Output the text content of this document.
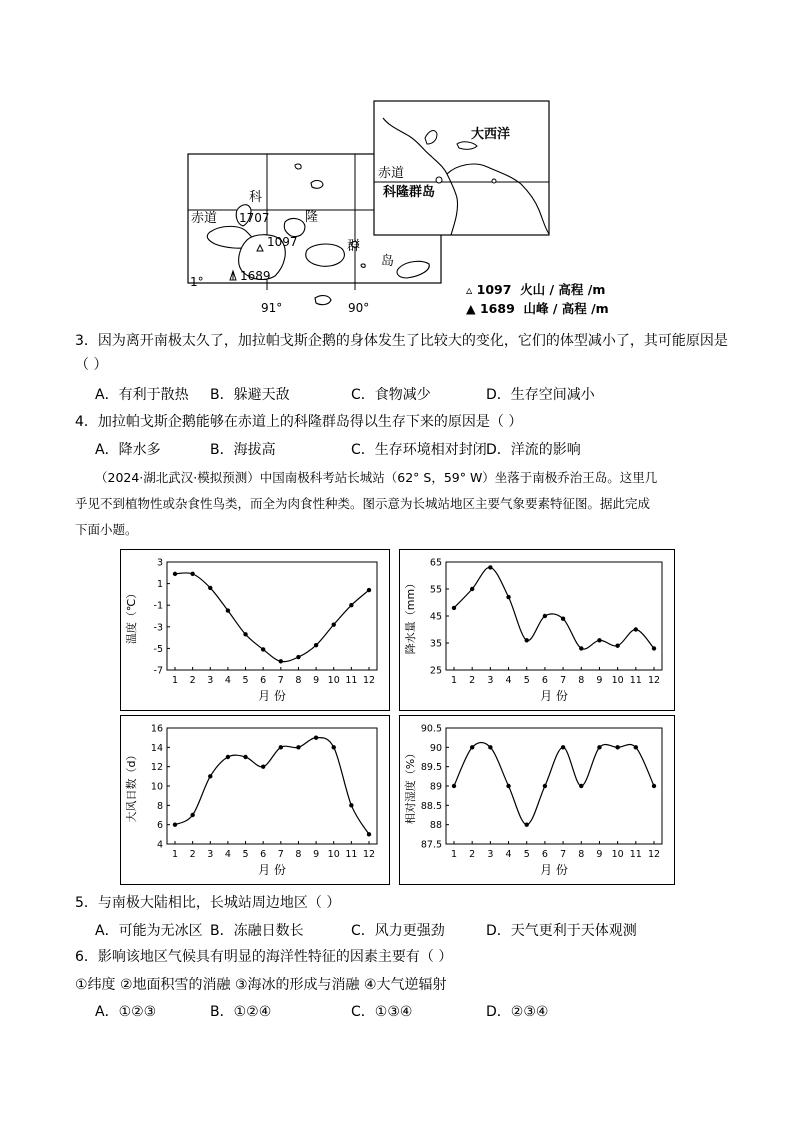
科
隆
群
岛
赤道 1707
1097
1689
1°
91°	90°
大西洋
赤道
科隆群岛
▵ 1097 火山 / 高程 /m
▲ 1689 山峰 / 高程 /m
3．因为离开南极太久了，加拉帕戈斯企鹅的身体发生了比较大的变化，它们的体型减小了，其可能原因是
（ ）
A．有利于散热 B．躲避天敌	C．食物减少	D．生存空间减小
4．加拉帕戈斯企鹅能够在赤道上的科隆群岛得以生存下来的原因是（ ）
A．降水多	B．海拔高	C．生存环境相对封闭 D．洋流的影响
（2024·湖北武汉·模拟预测）中国南极科考站长城站（62° S，59° W）坐落于南极乔治王岛。这里几
乎见不到植物性或杂食性鸟类，而全为肉食性种类。图示意为长城站地区主要气象要素特征图。据此完成
下面小题。
3
1
-1
-3
-5
-7
1 2 3 4 5 6 7 8 9 10 11 12
月 份
温度（℃）
65
55
45
35
25
1 2 3 4 5 6 7 8 9 10 11 12
月 份
降水量（mm）
16
14
12
10
8
6
4
1 2 3 4 5 6 7 8 9 10 11 12
月 份
大风日数（d）
90.5
90
89.5
89
88.5
88
87.5
1 2 3 4 5 6 7 8 9 10 11 12
月 份
相对湿度（%）
5．与南极大陆相比，长城站周边地区（ ）
A．可能为无冰区 B．冻融日数长	C．风力更强劲	D．天气更利于天体观测
6．影响该地区气候具有明显的海洋性特征的因素主要有（ ）
①纬度 ②地面积雪的消融 ③海冰的形成与消融 ④大气逆辐射
A．①②③	B．①②④	C．①③④	D．②③④
